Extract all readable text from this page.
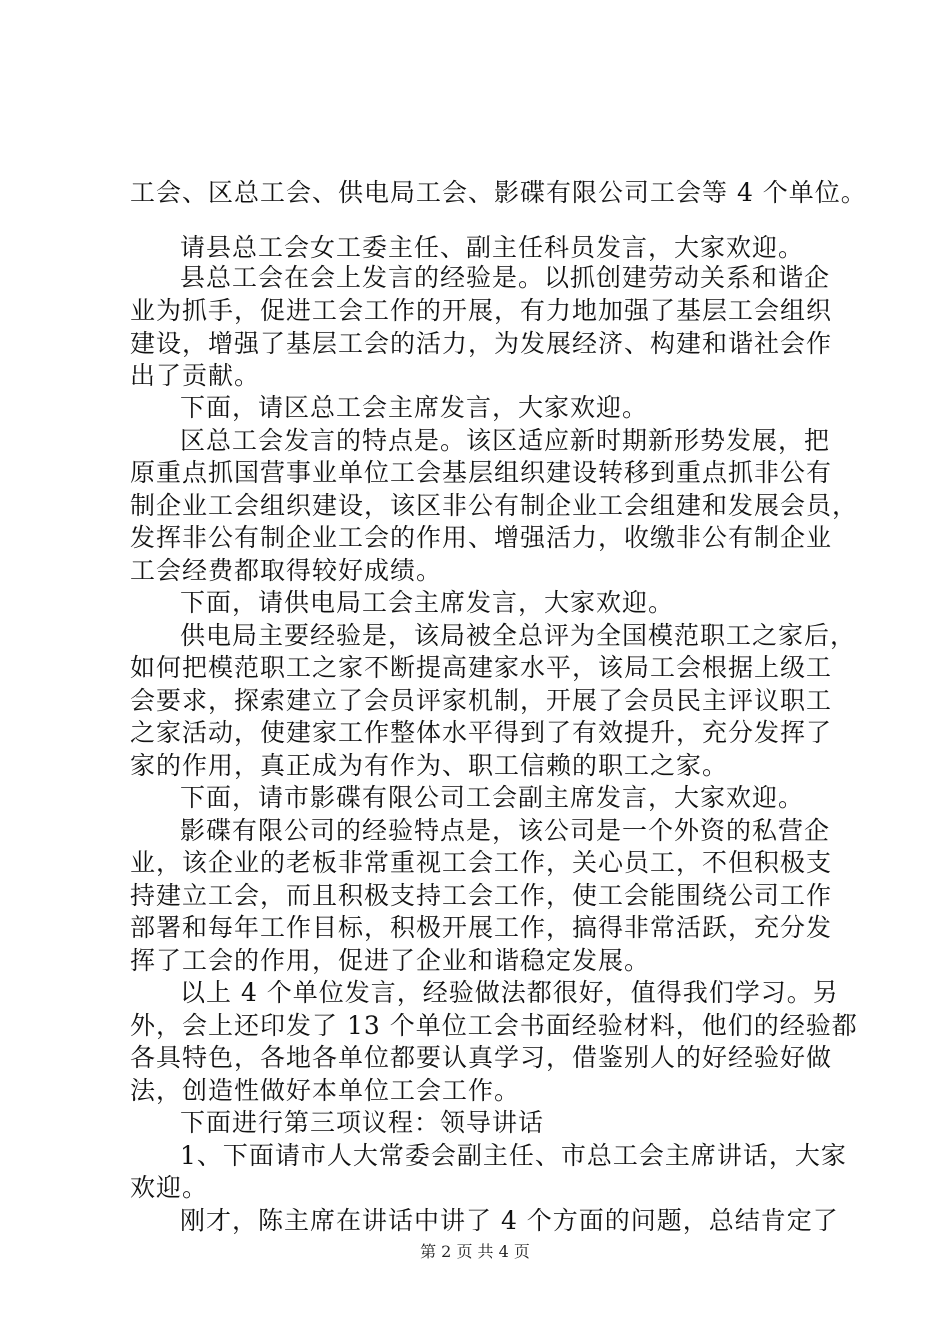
工会、区总工会、供电局工会、影碟有限公司工会等 4 个单位。
请县总工会女工委主任、副主任科员发言，大家欢迎。
县总工会在会上发言的经验是。以抓创建劳动关系和谐企
业为抓手，促进工会工作的开展，有力地加强了基层工会组织
建设，增强了基层工会的活力，为发展经济、构建和谐社会作
出了贡献。
下面，请区总工会主席发言，大家欢迎。
区总工会发言的特点是。该区适应新时期新形势发展，把
原重点抓国营事业单位工会基层组织建设转移到重点抓非公有
制企业工会组织建设，该区非公有制企业工会组建和发展会员，
发挥非公有制企业工会的作用、增强活力，收缴非公有制企业
工会经费都取得较好成绩。
下面，请供电局工会主席发言，大家欢迎。
供电局主要经验是，该局被全总评为全国模范职工之家后，
如何把模范职工之家不断提高建家水平，该局工会根据上级工
会要求，探索建立了会员评家机制，开展了会员民主评议职工
之家活动，使建家工作整体水平得到了有效提升，充分发挥了
家的作用，真正成为有作为、职工信赖的职工之家。
下面，请市影碟有限公司工会副主席发言，大家欢迎。
影碟有限公司的经验特点是，该公司是一个外资的私营企
业，该企业的老板非常重视工会工作，关心员工，不但积极支
持建立工会，而且积极支持工会工作，使工会能围绕公司工作
部署和每年工作目标，积极开展工作，搞得非常活跃，充分发
挥了工会的作用，促进了企业和谐稳定发展。
以上 4 个单位发言，经验做法都很好，值得我们学习。另
外，会上还印发了 13 个单位工会书面经验材料，他们的经验都
各具特色，各地各单位都要认真学习，借鉴别人的好经验好做
法，创造性做好本单位工会工作。
下面进行第三项议程：领导讲话
1、下面请市人大常委会副主任、市总工会主席讲话，大家
欢迎。
刚才，陈主席在讲话中讲了 4 个方面的问题，总结肯定了
第 2 页 共 4 页
